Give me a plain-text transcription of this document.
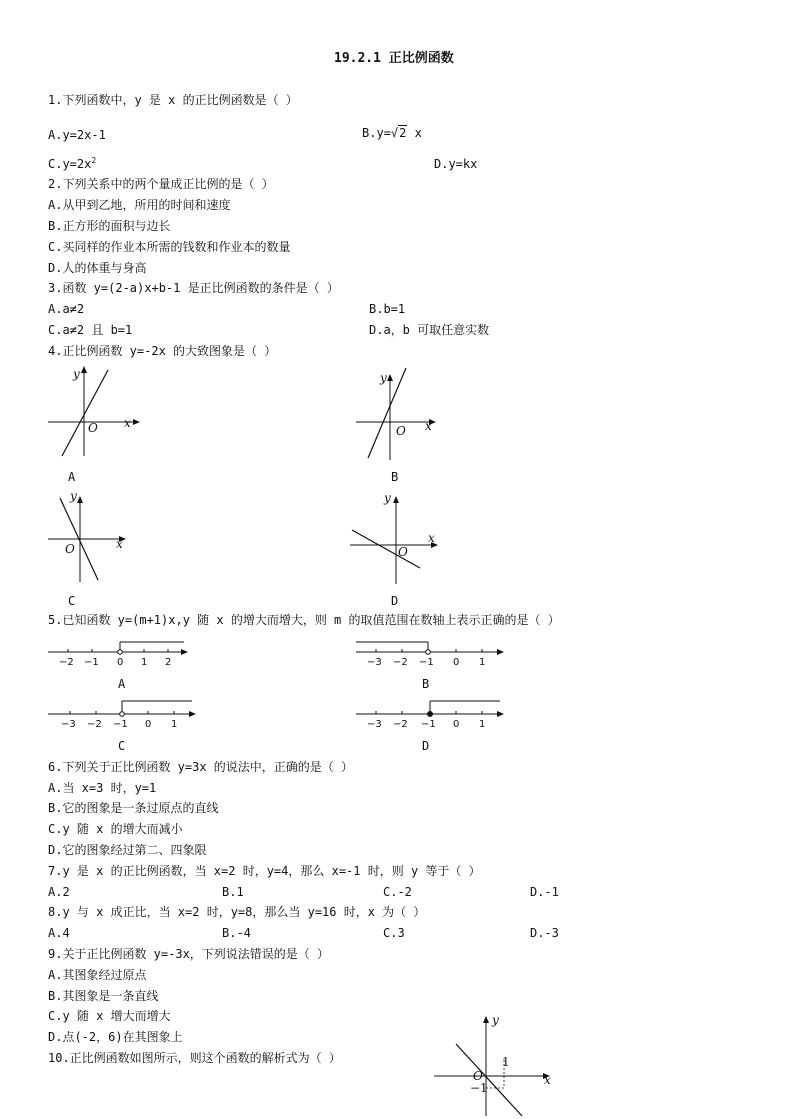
19.2.1 正比例函数
1.下列函数中，y 是 x 的正比例函数是（ ）
A.y=2x-1	B.y=√2 x
$C.y=2x^2$	D.y=kx
2.下列关系中的两个量成正比例的是（ ）
A.从甲到乙地，所用的时间和速度
B.正方形的面积与边长
C.买同样的作业本所需的钱数和作业本的数量
D.人的体重与身高
3.函数 y=(2-a)x+b-1 是正比例函数的条件是（ ）
A.a≠2	B.b=1
C.a≠2 且 b=1	D.a，b 可取任意实数
4.正比例函数 y=-2x 的大致图象是（ ）
y
x
O
A
y
x
O
B
y
x
O
C
y
x
O
D
5.已知函数 y=(m+1)x,y 随 x 的增大而增大，则 m 的取值范围在数轴上表示正确的是（ ）
−2 −1 0 1 2
A
−3 −2 −1 0 1
B
−3 −2 −1 0 1
C
−3 −2 −1 0 1
D
6.下列关于正比例函数 y=3x 的说法中，正确的是（ ）
A.当 x=3 时，y=1
B.它的图象是一条过原点的直线
C.y 随 x 的增大而减小
D.它的图象经过第二、四象限
7.y 是 x 的正比例函数，当 x=2 时，y=4，那么 x=-1 时，则 y 等于（ ）
A.2	B.1	C.-2	D.-1
8.y 与 x 成正比，当 x=2 时，y=8，那么当 y=16 时，x 为（ ）
A.4	B.-4	C.3	D.-3
9.关于正比例函数 y=-3x，下列说法错误的是（ ）
A.其图象经过原点
B.其图象是一条直线
C.y 随 x 增大而增大
D.点(-2，6)在其图象上
10.正比例函数如图所示，则这个函数的解析式为（ ）
y
x
O
1
−1
